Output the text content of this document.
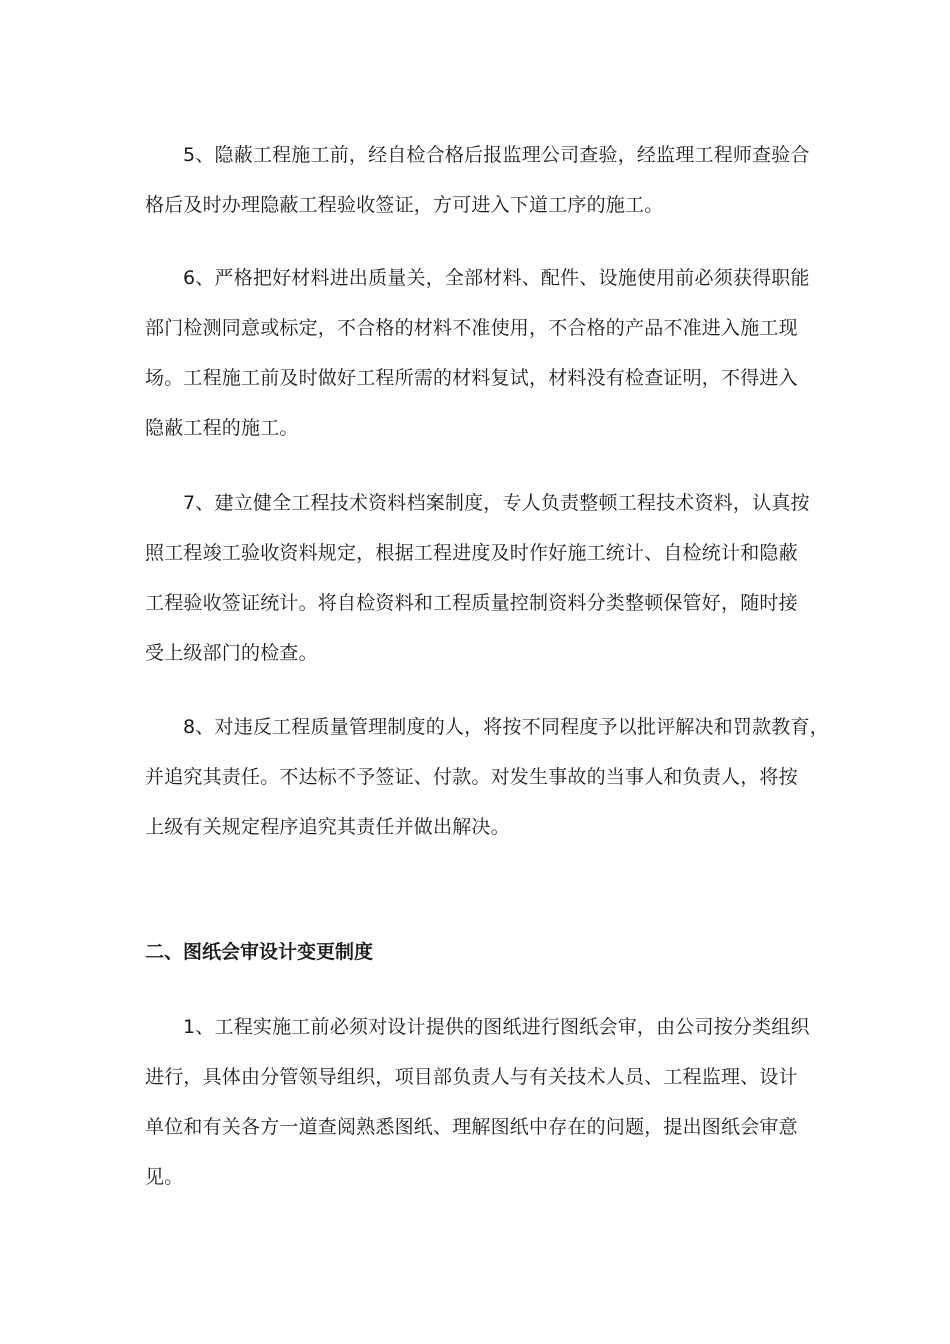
5、隐蔽工程施工前，经自检合格后报监理公司查验，经监理工程师查验合
格后及时办理隐蔽工程验收签证，方可进入下道工序的施工。
6、严格把好材料进出质量关，全部材料、配件、设施使用前必须获得职能
部门检测同意或标定，不合格的材料不准使用，不合格的产品不准进入施工现
场。工程施工前及时做好工程所需的材料复试，材料没有检查证明，不得进入
隐蔽工程的施工。
7、建立健全工程技术资料档案制度，专人负责整顿工程技术资料，认真按
照工程竣工验收资料规定，根据工程进度及时作好施工统计、自检统计和隐蔽
工程验收签证统计。将自检资料和工程质量控制资料分类整顿保管好，随时接
受上级部门的检查。
8、对违反工程质量管理制度的人，将按不同程度予以批评解决和罚款教育，
并追究其责任。不达标不予签证、付款。对发生事故的当事人和负责人，将按
上级有关规定程序追究其责任并做出解决。
二、图纸会审设计变更制度
1、工程实施工前必须对设计提供的图纸进行图纸会审，由公司按分类组织
进行，具体由分管领导组织，项目部负责人与有关技术人员、工程监理、设计
单位和有关各方一道查阅熟悉图纸、理解图纸中存在的问题，提出图纸会审意
见。
